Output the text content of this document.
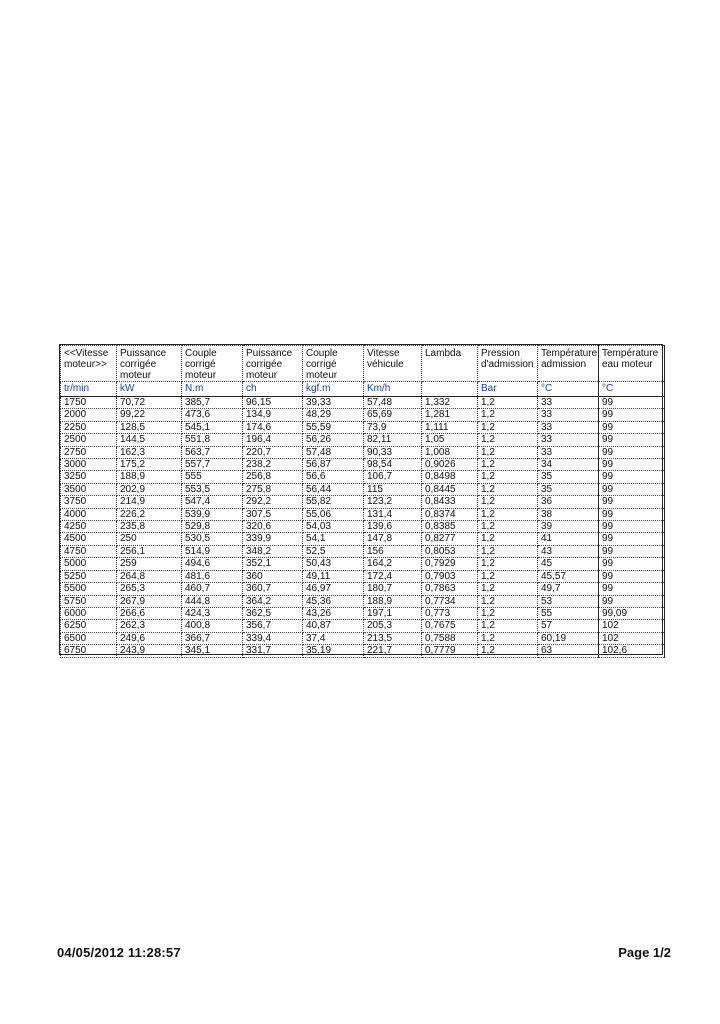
<<Vitesse moteur>>	Puissance corrigée moteur	Couple corrigé moteur	Puissance corrigée moteur	Couple corrigé moteur	Vitesse véhicule	Lambda	Pression d'admission	Température admission	Température eau moteur
tr/min	kW	N.m	ch	kgf.m	Km/h		Bar	°C	°C
1750	70,72	385,7	96,15	39,33	57,48	1,332	1,2	33	99
2000	99,22	473,6	134,9	48,29	65,69	1,281	1,2	33	99
2250	128,5	545,1	174,6	55,59	73,9	1,111	1,2	33	99
2500	144,5	551,8	196,4	56,26	82,11	1,05	1,2	33	99
2750	162,3	563,7	220,7	57,48	90,33	1,008	1,2	33	99
3000	175,2	557,7	238,2	56,87	98,54	0,9026	1,2	34	99
3250	188,9	555	256,8	56,6	106,7	0,8498	1,2	35	99
3500	202,9	553,5	275,8	56,44	115	0,8445	1,2	35	99
3750	214,9	547,4	292,2	55,82	123,2	0,8433	1,2	36	99
4000	226,2	539,9	307,5	55,06	131,4	0,8374	1,2	38	99
4250	235,8	529,8	320,6	54,03	139,6	0,8385	1,2	39	99
4500	250	530,5	339,9	54,1	147,8	0,8277	1,2	41	99
4750	256,1	514,9	348,2	52,5	156	0,8053	1,2	43	99
5000	259	494,6	352,1	50,43	164,2	0,7929	1,2	45	99
5250	264,8	481,6	360	49,11	172,4	0,7903	1,2	45,57	99
5500	265,3	460,7	360,7	46,97	180,7	0,7863	1,2	49,7	99
5750	267,9	444,8	364,2	45,36	188,9	0,7734	1,2	53	99
6000	266,6	424,3	362,5	43,26	197,1	0,773	1,2	55	99,09
6250	262,3	400,8	356,7	40,87	205,3	0,7675	1,2	57	102
6500	249,6	366,7	339,4	37,4	213,5	0,7588	1,2	60,19	102
6750	243,9	345,1	331,7	35,19	221,7	0,7779	1,2	63	102,6
04/05/2012 11:28:57	Page 1/2
